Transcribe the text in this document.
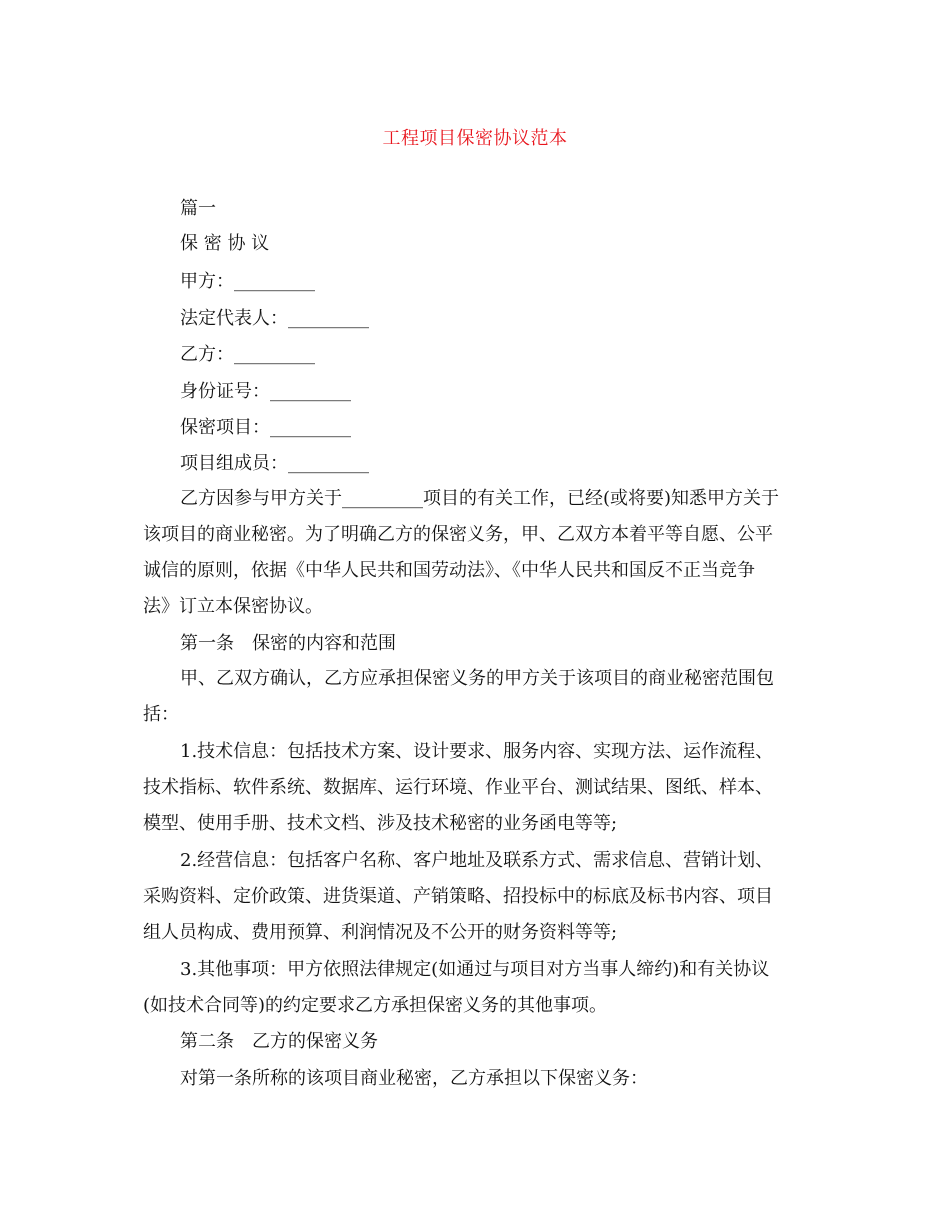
工程项目保密协议范本
篇一
保 密 协 议
甲方：_________
法定代表人：_________
乙方：_________
身份证号：_________
保密项目：_________
项目组成员：_________
乙方因参与甲方关于_________项目的有关工作，已经(或将要)知悉甲方关于
该项目的商业秘密。为了明确乙方的保密义务，甲、乙双方本着平等自愿、公平
诚信的原则，依据《中华人民共和国劳动法》、《中华人民共和国反不正当竞争
法》订立本保密协议。
第一条　保密的内容和范围
甲、乙双方确认，乙方应承担保密义务的甲方关于该项目的商业秘密范围包
括：
1.技术信息：包括技术方案、设计要求、服务内容、实现方法、运作流程、
技术指标、软件系统、数据库、运行环境、作业平台、测试结果、图纸、样本、
模型、使用手册、技术文档、涉及技术秘密的业务函电等等;
2.经营信息：包括客户名称、客户地址及联系方式、需求信息、营销计划、
采购资料、定价政策、进货渠道、产销策略、招投标中的标底及标书内容、项目
组人员构成、费用预算、利润情况及不公开的财务资料等等;
3.其他事项：甲方依照法律规定(如通过与项目对方当事人缔约)和有关协议
(如技术合同等)的约定要求乙方承担保密义务的其他事项。
第二条　乙方的保密义务
对第一条所称的该项目商业秘密，乙方承担以下保密义务：
